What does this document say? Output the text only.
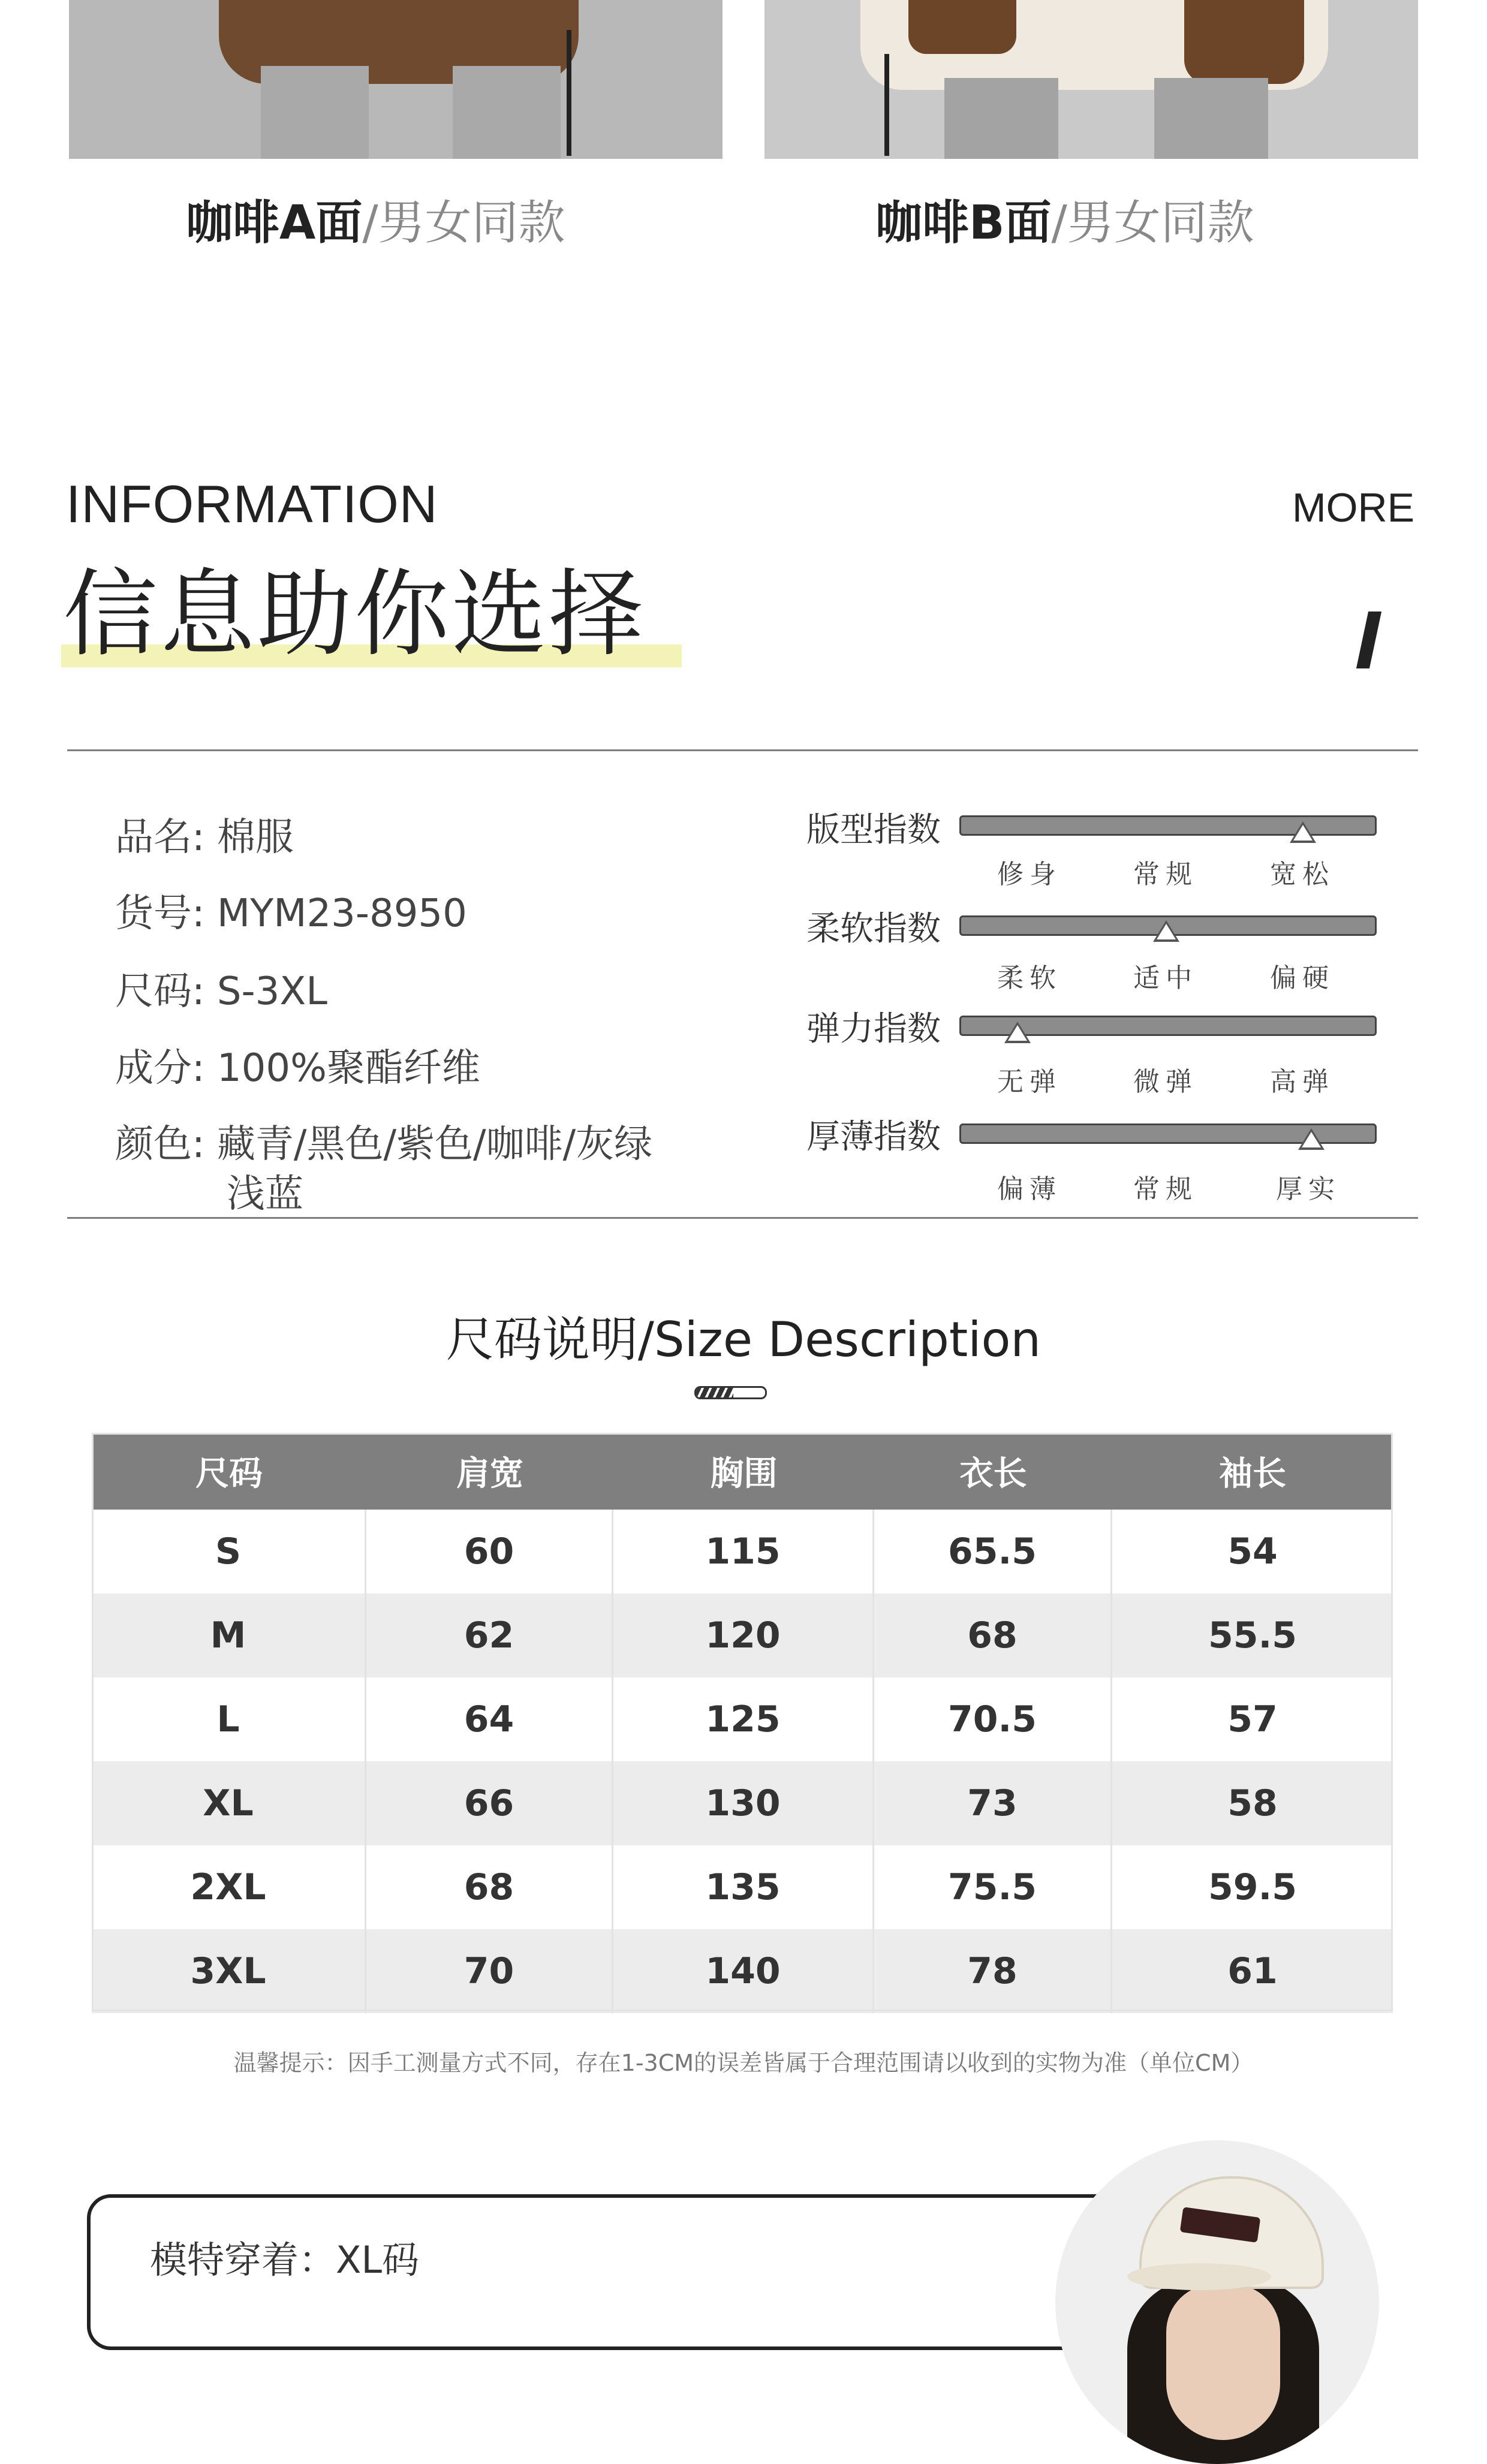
咖啡A面/男女同款	咖啡B面/男女同款
INFORMATION	MORE
信息助你选择
品名: 棉服
货号: MYM23-8950
尺码: S-3XL
成分: 100%聚酯纤维
颜色: 藏青/黑色/紫色/咖啡/灰绿
浅蓝
版型指数
修身	常规	宽松
柔软指数
柔软	适中	偏硬
弹力指数
无弹	微弹	高弹
厚薄指数
偏薄	常规	厚实
尺码说明/Size Description
尺码	肩宽	胸围	衣长	袖长
S	60	115	65.5	54
M	62	120	68	55.5
L	64	125	70.5	57
XL	66	130	73	58
2XL	68	135	75.5	59.5
3XL	70	140	78	61
温馨提示：因手工测量方式不同，存在1-3CM的误差皆属于合理范围请以收到的实物为准（单位CM）
模特穿着：XL码
